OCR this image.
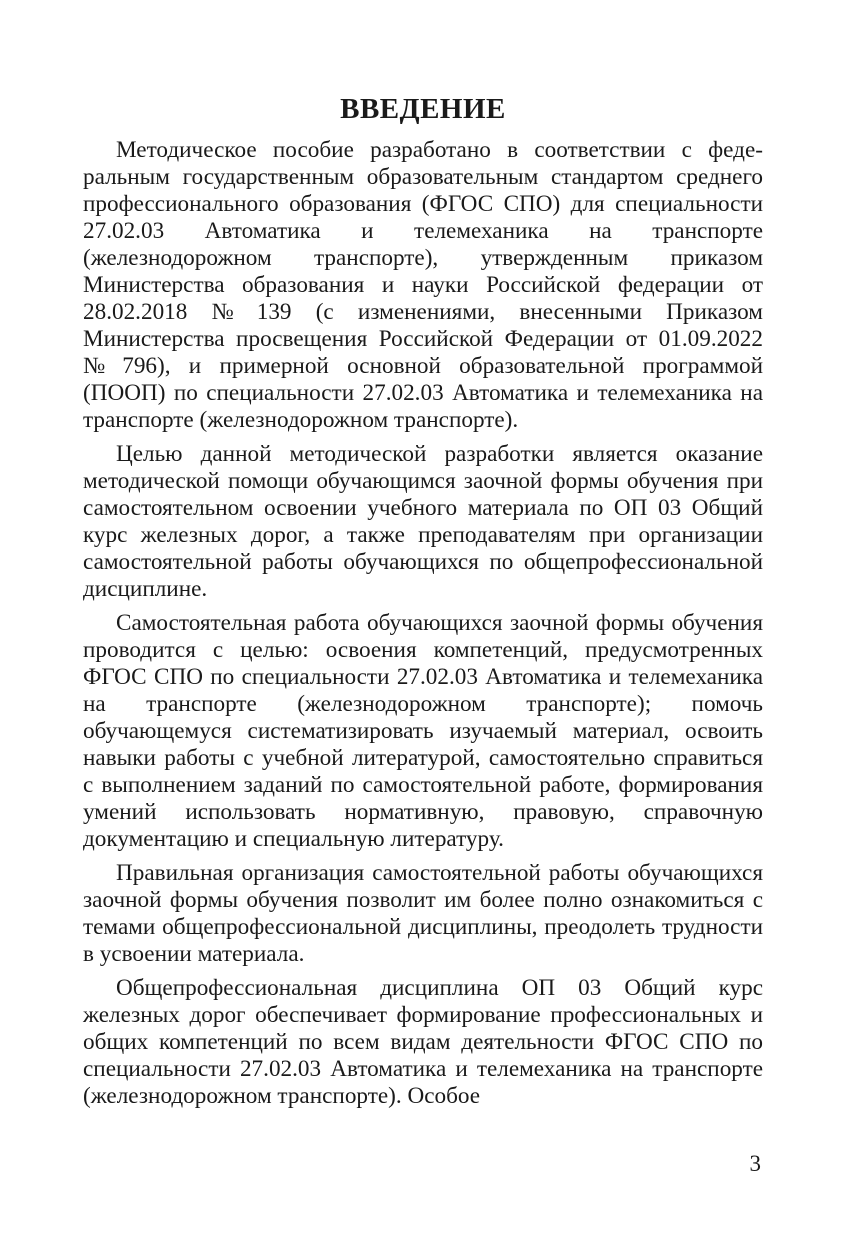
ВВЕДЕНИЕ

Методическое пособие разработано в соответствии с федеральным государственным образовательным стандартом среднего профессионального образования (ФГОС СПО) для специальности 27.02.03 Автоматика и телемеханика на транспорте (железнодорожном транспорте), утвержденным приказом Министерства образования и науки Российской федерации от 28.02.2018 № 139 (с изменениями, внесенными Приказом Министерства просвещения Российской Федерации от 01.09.2022 № 796), и примерной основной образовательной программой (ПООП) по специальности 27.02.03 Автоматика и телемеханика на транспорте (железнодорожном транспорте).

Целью данной методической разработки является оказание методической помощи обучающимся заочной формы обучения при самостоятельном освоении учебного материала по ОП 03 Общий курс железных дорог, а также преподавателям при организации самостоятельной работы обучающихся по общепрофессиональной дисциплине.

Самостоятельная работа обучающихся заочной формы обучения проводится с целью: освоения компетенций, предусмотренных ФГОС СПО по специальности 27.02.03 Автоматика и телемеханика на транспорте (железнодорожном транспорте); помочь обучающемуся систематизировать изучаемый материал, освоить навыки работы с учебной литературой, самостоятельно справиться с выполнением заданий по самостоятельной работе, формирования умений использовать нормативную, правовую, справочную документацию и специальную литературу.

Правильная организация самостоятельной работы обучающихся заочной формы обучения позволит им более полно ознакомиться с темами общепрофессиональной дисциплины, преодолеть трудности в усвоении материала.

Общепрофессиональная дисциплина ОП 03 Общий курс железных дорог обеспечивает формирование профессиональных и общих компетенций по всем видам деятельности ФГОС СПО по специальности 27.02.03 Автоматика и телемеханика на транспорте (железнодорожном транспорте). Особое

3
